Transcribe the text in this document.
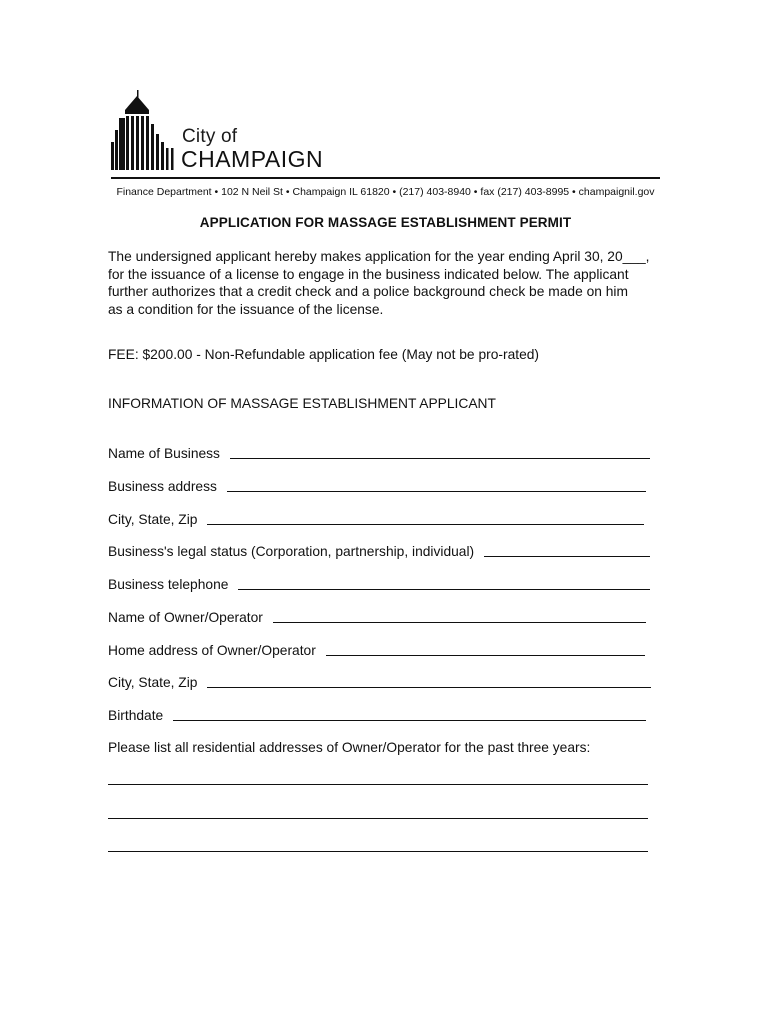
City of
CHAMPAIGN
Finance Department • 102 N Neil St • Champaign IL 61820 • (217) 403-8940 • fax (217) 403-8995 • champaignil.gov
APPLICATION FOR MASSAGE ESTABLISHMENT PERMIT
The undersigned applicant hereby makes application for the year ending April 30, 20___,
for the issuance of a license to engage in the business indicated below. The applicant
further authorizes that a credit check and a police background check be made on him
as a condition for the issuance of the license.
FEE: $200.00 - Non-Refundable application fee (May not be pro-rated)
INFORMATION OF MASSAGE ESTABLISHMENT APPLICANT
Name of Business
Business address
City, State, Zip
Business's legal status (Corporation, partnership, individual)
Business telephone
Name of Owner/Operator
Home address of Owner/Operator
City, State, Zip
Birthdate
Please list all residential addresses of Owner/Operator for the past three years:
